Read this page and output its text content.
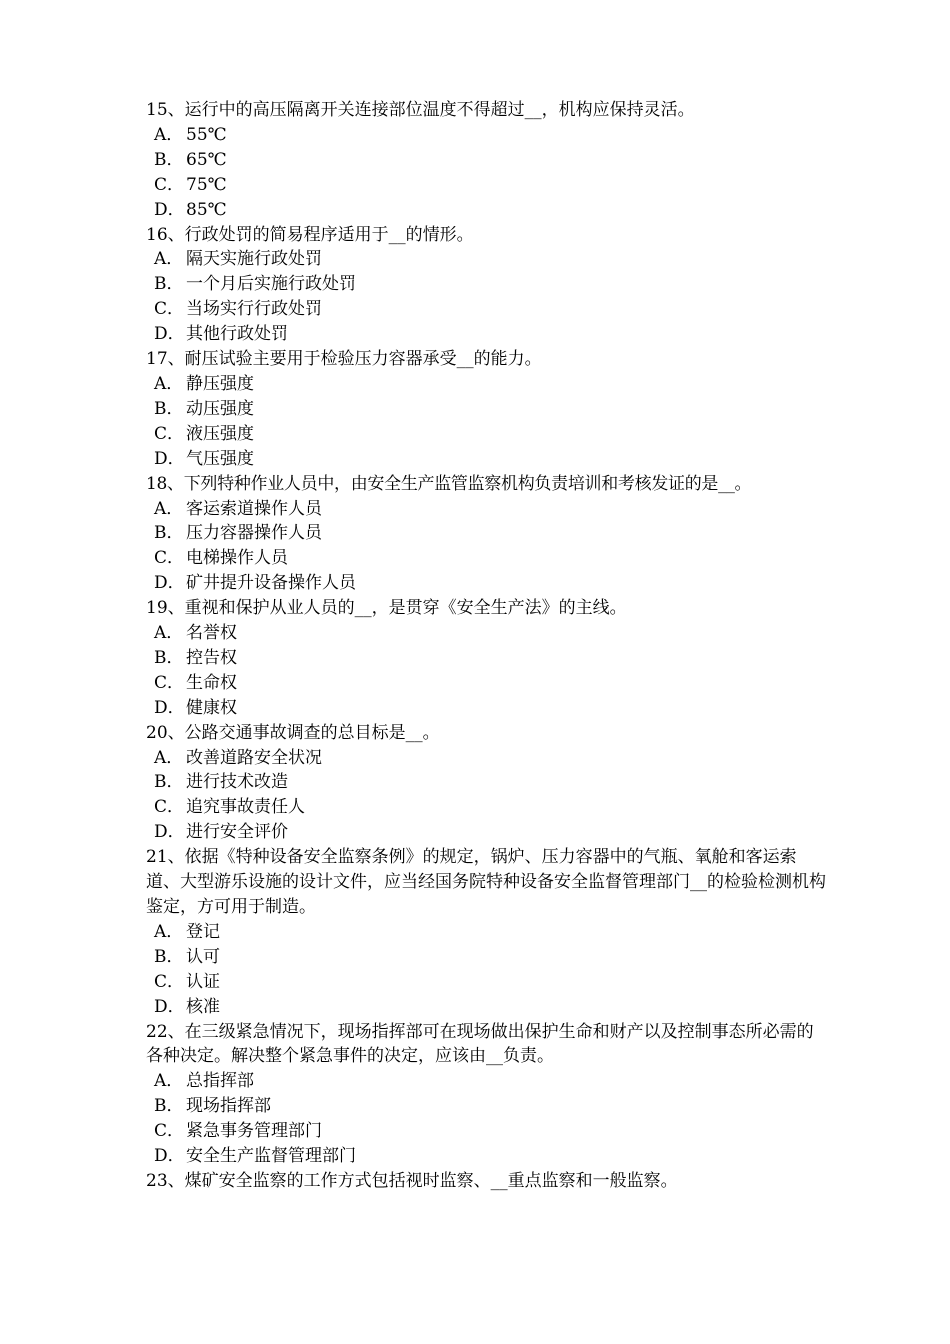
15、运行中的高压隔离开关连接部位温度不得超过__，机构应保持灵活。

A． 55℃

B． 65℃

C． 75℃

D．85℃

16、行政处罚的简易程序适用于__的情形。

A． 隔天实施行政处罚

B． 一个月后实施行政处罚

C． 当场实行行政处罚

D．其他行政处罚

17、耐压试验主要用于检验压力容器承受__的能力。

A． 静压强度

B． 动压强度

C． 液压强度

D．气压强度

18、下列特种作业人员中，由安全生产监管监察机构负责培训和考核发证的是__。

A． 客运索道操作人员

B． 压力容器操作人员

C． 电梯操作人员

D．矿井提升设备操作人员

19、重视和保护从业人员的__，是贯穿《安全生产法》的主线。

A． 名誉权

B． 控告权

C． 生命权

D．健康权

20、公路交通事故调查的总目标是__。

A． 改善道路安全状况

B． 进行技术改造

C． 追究事故责任人

D．进行安全评价

21、依据《特种设备安全监察条例》的规定，锅炉、压力容器中的气瓶、氧舱和客运索道、大型游乐设施的设计文件，应当经国务院特种设备安全监督管理部门__的检验检测机构鉴定，方可用于制造。

A． 登记

B． 认可

C． 认证

D．核准

22、在三级紧急情况下，现场指挥部可在现场做出保护生命和财产以及控制事态所必需的各种决定。解决整个紧急事件的决定，应该由__负责。

A． 总指挥部

B． 现场指挥部

C． 紧急事务管理部门

D．安全生产监督管理部门

23、煤矿安全监察的工作方式包括视时监察、__重点监察和一般监察。
